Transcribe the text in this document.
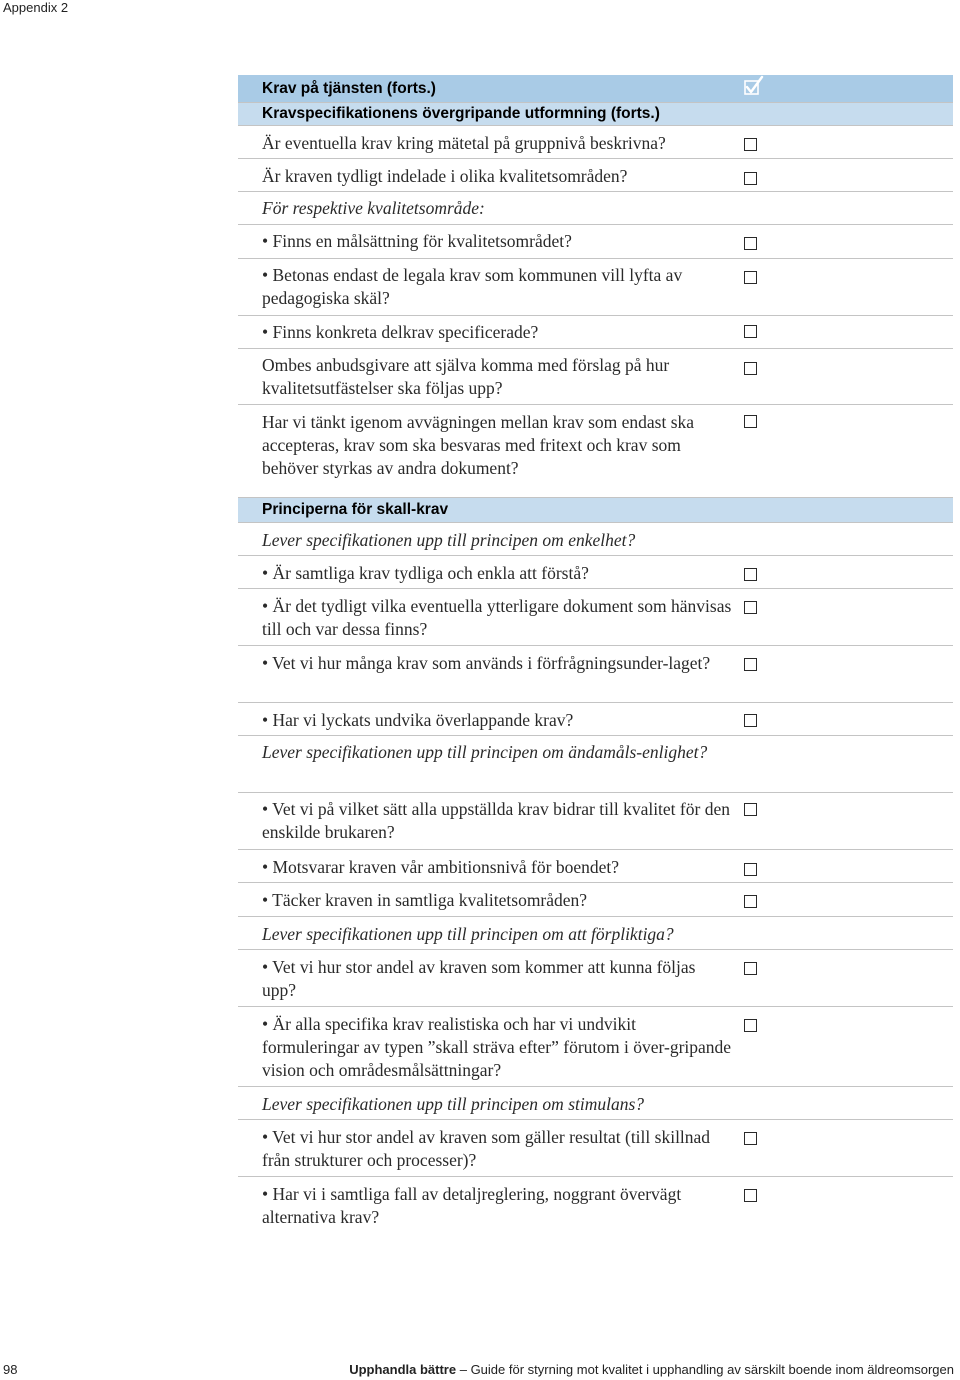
Appendix 2
Krav på tjänsten (forts.)
Kravspecifikationens övergripande utformning (forts.)
Är eventuella krav kring mätetal på gruppnivå beskrivna?
Är kraven tydligt indelade i olika kvalitetsområden?
För respektive kvalitetsområde:
• Finns en målsättning för kvalitetsområdet?
• Betonas endast de legala krav som kommunen vill lyfta av pedagogiska skäl?
• Finns konkreta delkrav specificerade?
Ombes anbudsgivare att själva komma med förslag på hur kvalitetsutfästelser ska följas upp?
Har vi tänkt igenom avvägningen mellan krav som endast ska accepteras, krav som ska besvaras med fritext och krav som behöver styrkas av andra dokument?
Principerna för skall-krav
Lever specifikationen upp till principen om enkelhet?
• Är samtliga krav tydliga och enkla att förstå?
• Är det tydligt vilka eventuella ytterligare dokument som hänvisas till och var dessa finns?
• Vet vi hur många krav som används i förfrågningsunder-laget?
• Har vi lyckats undvika överlappande krav?
Lever specifikationen upp till principen om ändamåls-enlighet?
• Vet vi på vilket sätt alla uppställda krav bidrar till kvalitet för den enskilde brukaren?
• Motsvarar kraven vår ambitionsnivå för boendet?
• Täcker kraven in samtliga kvalitetsområden?
Lever specifikationen upp till principen om att förpliktiga?
• Vet vi hur stor andel av kraven som kommer att kunna följas upp?
• Är alla specifika krav realistiska och har vi undvikit formuleringar av typen ”skall sträva efter” förutom i över-gripande vision och områdesmålsättningar?
Lever specifikationen upp till principen om stimulans?
• Vet vi hur stor andel av kraven som gäller resultat (till skillnad från strukturer och processer)?
• Har vi i samtliga fall av detaljreglering, noggrant övervägt alternativa krav?
98	Upphandla bättre – Guide för styrning mot kvalitet i upphandling av särskilt boende inom äldreomsorgen
